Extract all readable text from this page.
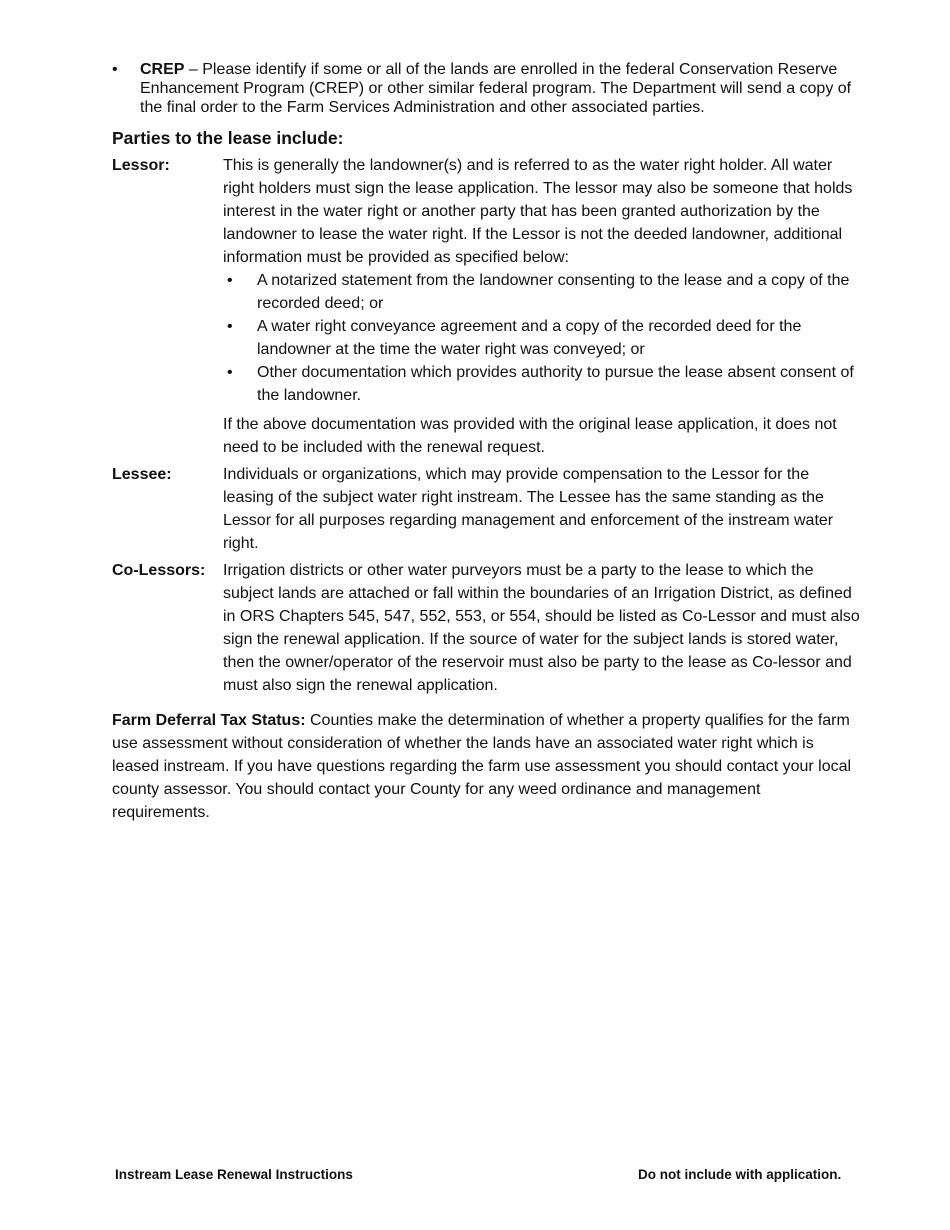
• CREP – Please identify if some or all of the lands are enrolled in the federal Conservation Reserve Enhancement Program (CREP) or other similar federal program. The Department will send a copy of the final order to the Farm Services Administration and other associated parties.
Parties to the lease include:
Lessor:	This is generally the landowner(s) and is referred to as the water right holder. All water right holders must sign the lease application. The lessor may also be someone that holds interest in the water right or another party that has been granted authorization by the landowner to lease the water right. If the Lessor is not the deeded landowner, additional information must be provided as specified below:
• A notarized statement from the landowner consenting to the lease and a copy of the recorded deed; or
• A water right conveyance agreement and a copy of the recorded deed for the landowner at the time the water right was conveyed; or
• Other documentation which provides authority to pursue the lease absent consent of the landowner.
If the above documentation was provided with the original lease application, it does not need to be included with the renewal request.
Lessee:	Individuals or organizations, which may provide compensation to the Lessor for the leasing of the subject water right instream. The Lessee has the same standing as the Lessor for all purposes regarding management and enforcement of the instream water right.
Co-Lessors:	Irrigation districts or other water purveyors must be a party to the lease to which the subject lands are attached or fall within the boundaries of an Irrigation District, as defined in ORS Chapters 545, 547, 552, 553, or 554, should be listed as Co-Lessor and must also sign the renewal application. If the source of water for the subject lands is stored water, then the owner/operator of the reservoir must also be party to the lease as Co-lessor and must also sign the renewal application.
Farm Deferral Tax Status: Counties make the determination of whether a property qualifies for the farm use assessment without consideration of whether the lands have an associated water right which is leased instream. If you have questions regarding the farm use assessment you should contact your local county assessor. You should contact your County for any weed ordinance and management requirements.
Instream Lease Renewal Instructions	Do not include with application.
